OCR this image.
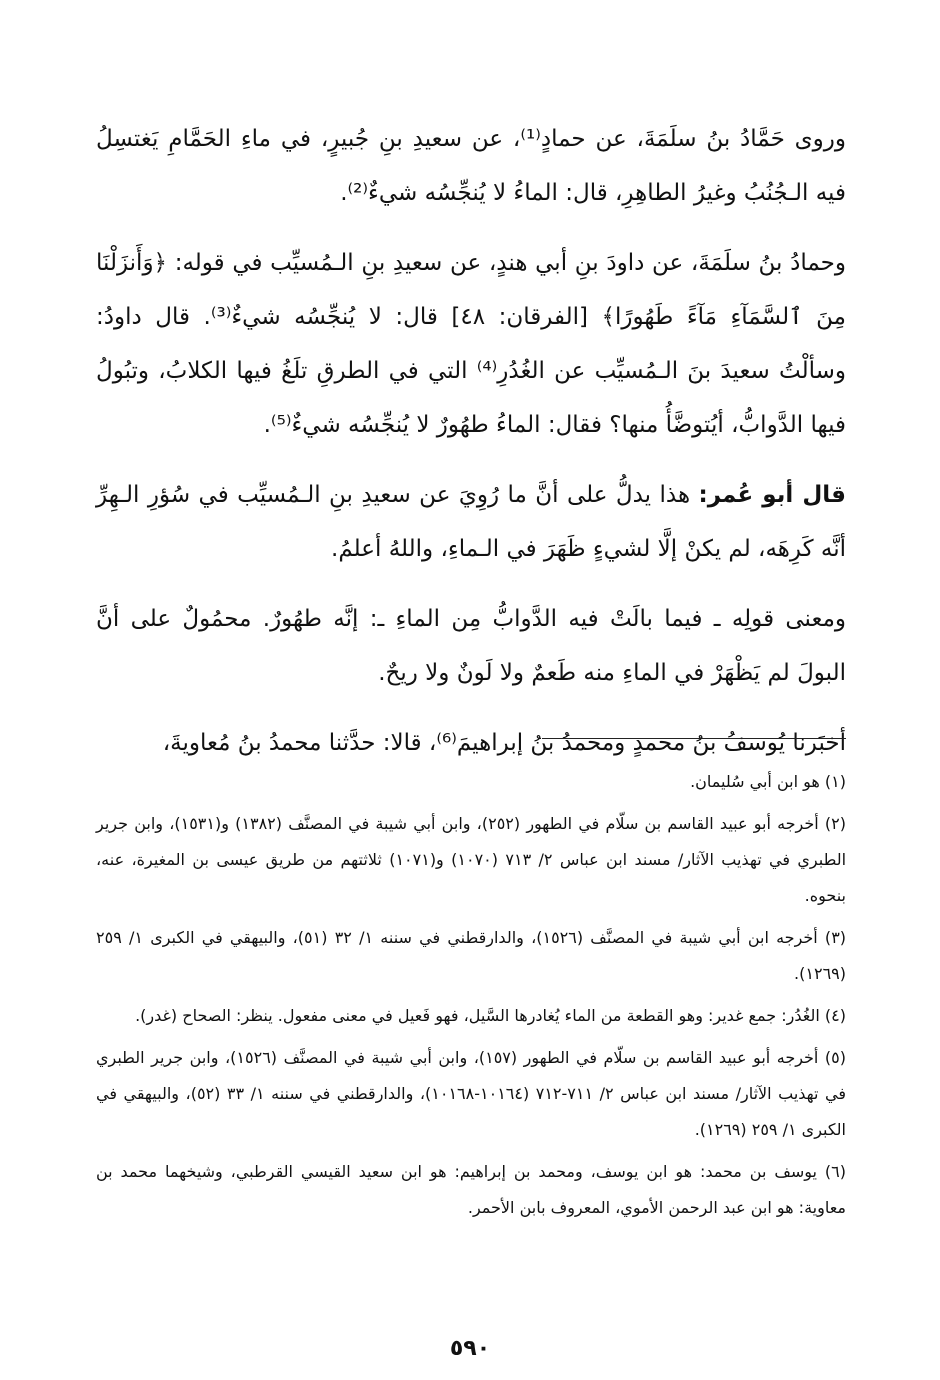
وروى حَمَّادُ بنُ سلَمَةَ، عن حمادٍ⁽¹⁾، عن سعيدِ بنِ جُبيرٍ، في ماءِ الحَمَّامِ يَغتسِلُ فيه الـجُنُبُ وغيرُ الطاهِرِ، قال: الماءُ لا يُنجِّسُه شيءٌ⁽²⁾.

وحمادُ بنُ سلَمَةَ، عن داودَ بنِ أبي هندٍ، عن سعيدِ بنِ الـمُسيِّب في قوله: ﴿وَأَنزَلْنَا مِنَ ٱلسَّمَآءِ مَآءً طَهُورًا﴾ [الفرقان: ٤٨] قال: لا يُنجِّسُه شيءٌ⁽³⁾. قال داودُ: وسألْتُ سعيدَ بنَ الـمُسيِّب عن الغُدُرِ⁽⁴⁾ التي في الطرقِ تلَغُ فيها الكلابُ، وتبُولُ فيها الدَّوابُّ، أيُتوضَّأُ منها؟ فقال: الماءُ طهُورٌ لا يُنجِّسُه شيءٌ⁽⁵⁾.

قال أبو عُمر: هذا يدلُّ على أنَّ ما رُوِيَ عن سعيدِ بنِ الـمُسيِّب في سُؤرِ الـهِرِّ أنَّه كَرِهَه، لم يكنْ إلَّا لشيءٍ ظَهَرَ في الـماءِ، واللهُ أعلمُ.

ومعنى قولِه ـ فيما بالَتْ فيه الدَّوابُّ مِن الماءِ ـ: إنَّه طهُورٌ. محمُولٌ على أنَّ البولَ لم يَظْهَرْ في الماءِ منه طَعمٌ ولا لَونٌ ولا ريحٌ.

أخبَرنا يُوسفُ بنُ محمدٍ ومحمدُ بنُ إبراهيمَ⁽⁶⁾، قالا: حدَّثنا محمدُ بنُ مُعاويةَ،

(١) هو ابن أبي سُليمان.

(٢) أخرجه أبو عبيد القاسم بن سلّام في الطهور (٢٥٢)، وابن أبي شيبة في المصنَّف (١٣٨٢) و(١٥٣١)، وابن جرير الطبري في تهذيب الآثار/ مسند ابن عباس ٢/ ٧١٣ (١٠٧٠) و(١٠٧١) ثلاثتهم من طريق عيسى بن المغيرة، عنه، بنحوه.

(٣) أخرجه ابن أبي شيبة في المصنَّف (١٥٢٦)، والدارقطني في سننه ١/ ٣٢ (٥١)، والبيهقي في الكبرى ١/ ٢٥٩ (١٢٦٩).

(٤) الغُدُر: جمع غدير: وهو القطعة من الماء يُغادرها السَّيل، فهو فَعيل في معنى مفعول. ينظر: الصحاح (غدر).

(٥) أخرجه أبو عبيد القاسم بن سلّام في الطهور (١٥٧)، وابن أبي شيبة في المصنَّف (١٥٢٦)، وابن جرير الطبري في تهذيب الآثار/ مسند ابن عباس ٢/ ٧١١-٧١٢ (١٠١٦٤-١٠١٦٨)، والدارقطني في سننه ١/ ٣٣ (٥٢)، والبيهقي في الكبرى ١/ ٢٥٩ (١٢٦٩).

(٦) يوسف بن محمد: هو ابن يوسف، ومحمد بن إبراهيم: هو ابن سعيد القيسي القرطبي، وشيخهما محمد بن معاوية: هو ابن عبد الرحمن الأموي، المعروف بابن الأحمر.

٥٩٠
